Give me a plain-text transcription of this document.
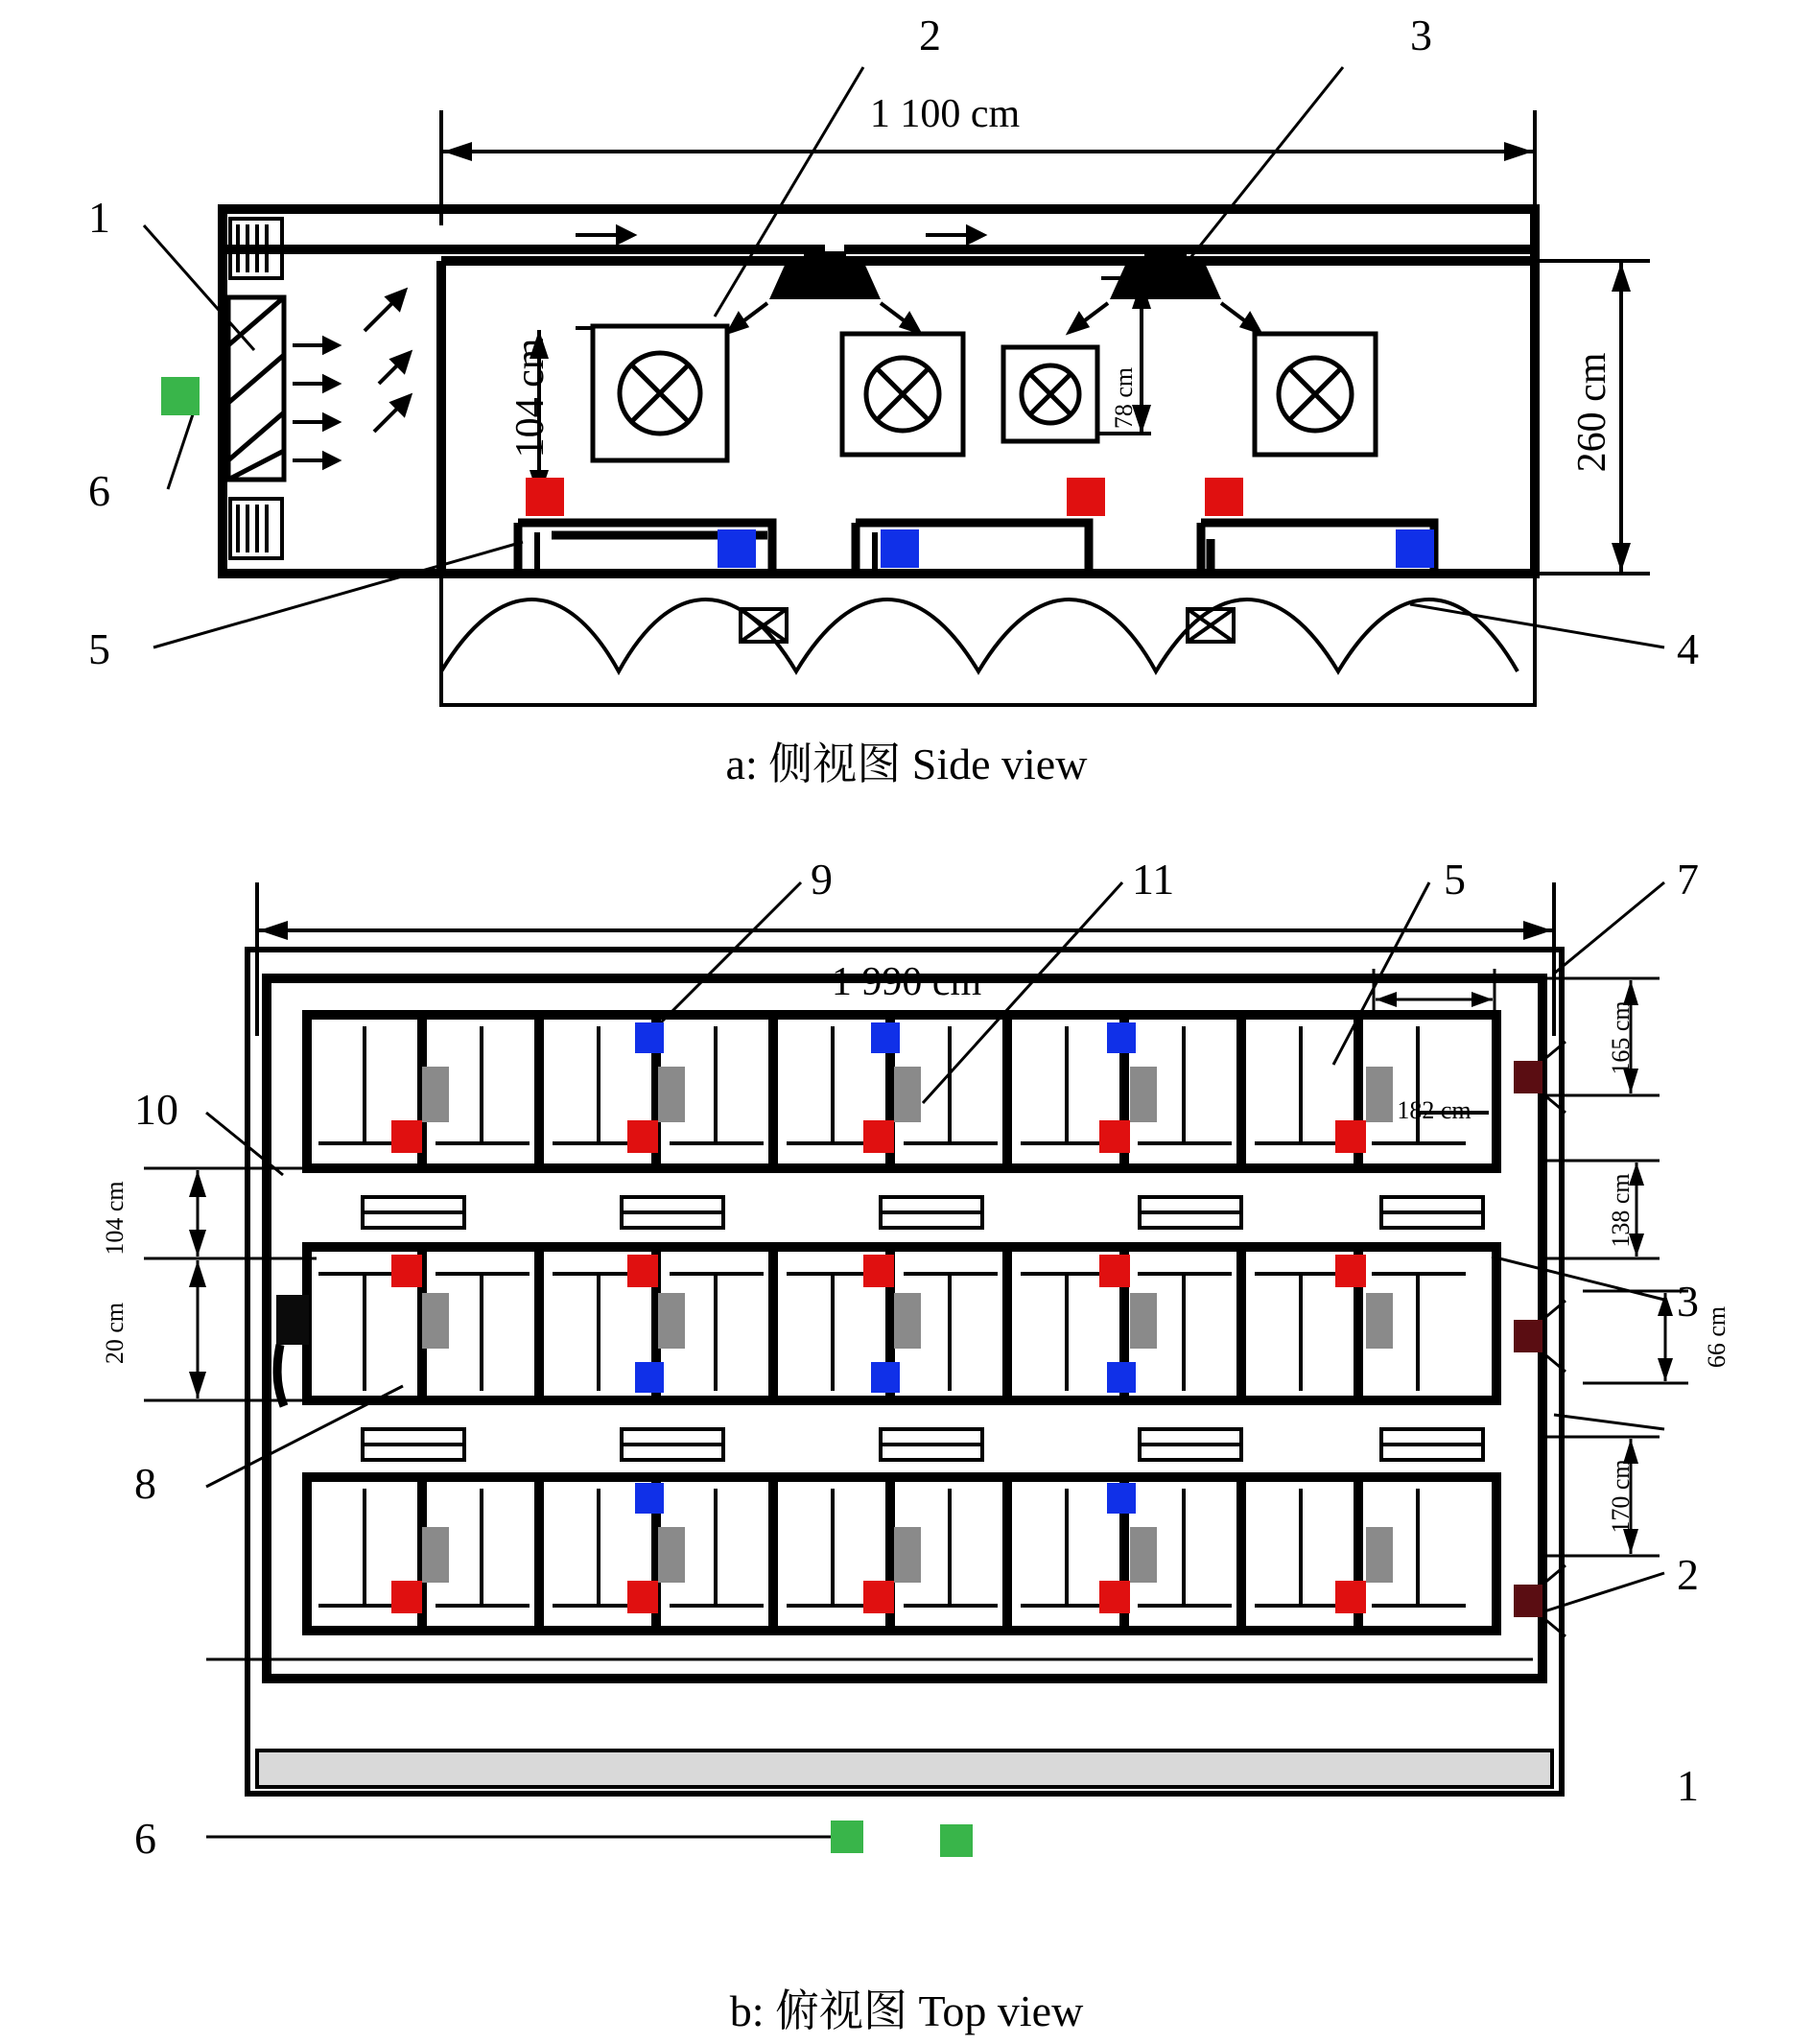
2	3
1
6
5	4
1 100 cm
260 cm
104 cm	78 cm
a: 侧视图 Side view
9	11	5	7
10
3
8
2
1
6
1 990 cm
182 cm
165 cm
138 cm
66 cm
170 cm
104 cm
20 cm
b: 俯视图 Top view
